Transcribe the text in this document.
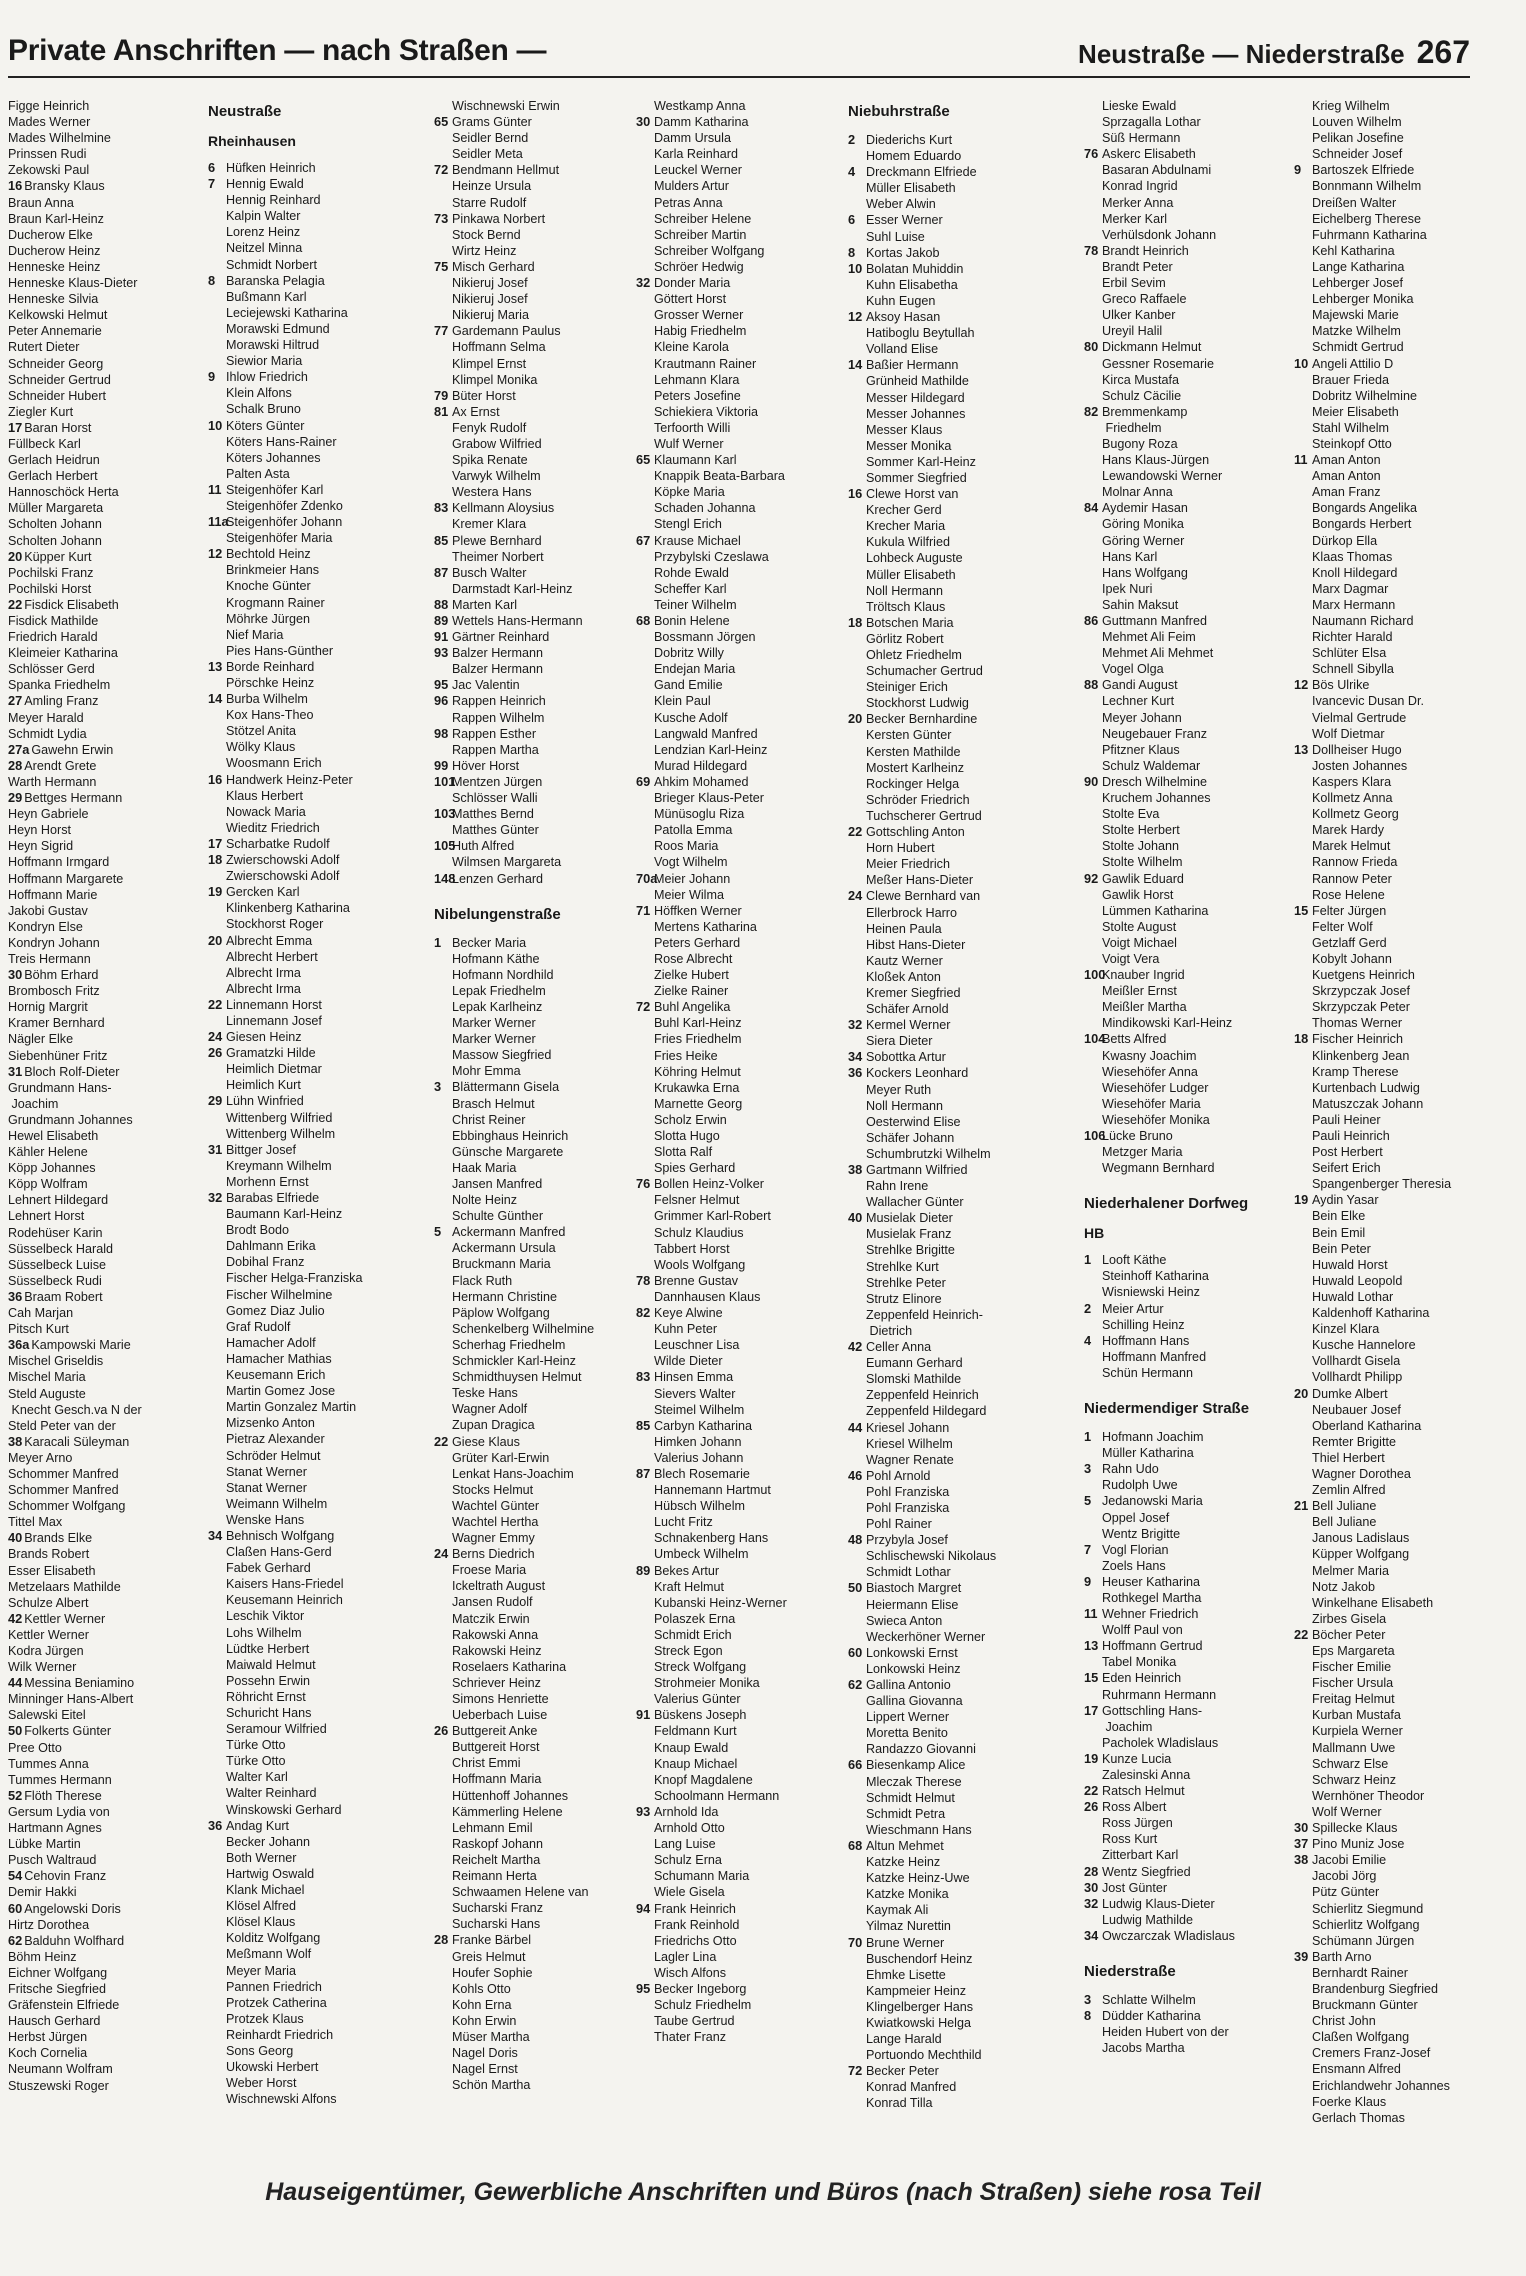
Private Anschriften — nach Straßen —	Neustraße — Niederstraße 267
Figge Heinrich
Mades Werner
Mades Wilhelmine
Prinssen Rudi
Zekowski Paul
16 Bransky Klaus
Braun Anna
Braun Karl-Heinz
Ducherow Elke
Ducherow Heinz
Henneske Heinz
Henneske Klaus-Dieter
Henneske Silvia
Kelkowski Helmut
Peter Annemarie
Rutert Dieter
Schneider Georg
Schneider Gertrud
Schneider Hubert
Ziegler Kurt
17 Baran Horst
Füllbeck Karl
Gerlach Heidrun
Gerlach Herbert
Hannoschöck Herta
Müller Margareta
Scholten Johann
Scholten Johann
20 Küpper Kurt
Pochilski Franz
Pochilski Horst
22 Fisdick Elisabeth
Fisdick Mathilde
Friedrich Harald
Kleimeier Katharina
Schlösser Gerd
Spanka Friedhelm
27 Amling Franz
Meyer Harald
Schmidt Lydia
27a Gawehn Erwin
28 Arendt Grete
Warth Hermann
29 Bettges Hermann
Heyn Gabriele
Heyn Horst
Heyn Sigrid
Hoffmann Irmgard
Hoffmann Margarete
Hoffmann Marie
Jakobi Gustav
Kondryn Else
Kondryn Johann
Treis Hermann
30 Böhm Erhard
Brombosch Fritz
Hornig Margrit
Kramer Bernhard
Nägler Elke
Siebenhüner Fritz
31 Bloch Rolf-Dieter
Grundmann Hans-
Joachim
Grundmann Johannes
Hewel Elisabeth
Kähler Helene
Köpp Johannes
Köpp Wolfram
Lehnert Hildegard
Lehnert Horst
Rodehüser Karin
Süsselbeck Harald
Süsselbeck Luise
Süsselbeck Rudi
36 Braam Robert
Cah Marjan
Pitsch Kurt
36a Kampowski Marie
Mischel Griseldis
Mischel Maria
Steld Auguste
Knecht Gesch.va N der
Steld Peter van der
38 Karacali Süleyman
Meyer Arno
Schommer Manfred
Schommer Manfred
Schommer Wolfgang
Tittel Max
40 Brands Elke
Brands Robert
Esser Elisabeth
Metzelaars Mathilde
Schulze Albert
42 Kettler Werner
Kettler Werner
Kodra Jürgen
Wilk Werner
44 Messina Beniamino
Minninger Hans-Albert
Salewski Eitel
50 Folkerts Günter
Pree Otto
Tummes Anna
Tummes Hermann
52 Flöth Therese
Gersum Lydia von
Hartmann Agnes
Lübke Martin
Pusch Waltraud
54 Cehovin Franz
Demir Hakki
60 Angelowski Doris
Hirtz Dorothea
62 Balduhn Wolfhard
Böhm Heinz
Eichner Wolfgang
Fritsche Siegfried
Gräfenstein Elfriede
Hausch Gerhard
Herbst Jürgen
Koch Cornelia
Neumann Wolfram
Stuszewski Roger
Neustraße
Rheinhausen
6 Hüfken Heinrich
7 Hennig Ewald
Hennig Reinhard
Kalpin Walter
Lorenz Heinz
Neitzel Minna
Schmidt Norbert
8 Baranska Pelagia
Bußmann Karl
Leciejewski Katharina
Morawski Edmund
Morawski Hiltrud
Siewior Maria
9 Ihlow Friedrich
Klein Alfons
Schalk Bruno
10 Köters Günter
Köters Hans-Rainer
Köters Johannes
Palten Asta
11 Steigenhöfer Karl
Steigenhöfer Zdenko
11aSteigenhöfer Johann
Steigenhöfer Maria
12 Bechtold Heinz
Brinkmeier Hans
Knoche Günter
Krogmann Rainer
Möhrke Jürgen
Nief Maria
Pies Hans-Günther
13 Borde Reinhard
Pörschke Heinz
14 Burba Wilhelm
Kox Hans-Theo
Stötzel Anita
Wölky Klaus
Woosmann Erich
16 Handwerk Heinz-Peter
Klaus Herbert
Nowack Maria
Wieditz Friedrich
17 Scharbatke Rudolf
18 Zwierschowski Adolf
Zwierschowski Adolf
19 Gercken Karl
Klinkenberg Katharina
Stockhorst Roger
20 Albrecht Emma
Albrecht Herbert
Albrecht Irma
Albrecht Irma
22 Linnemann Horst
Linnemann Josef
24 Giesen Heinz
26 Gramatzki Hilde
Heimlich Dietmar
Heimlich Kurt
29 Lühn Winfried
Wittenberg Wilfried
Wittenberg Wilhelm
31 Bittger Josef
Kreymann Wilhelm
Morhenn Ernst
32 Barabas Elfriede
Baumann Karl-Heinz
Brodt Bodo
Dahlmann Erika
Dobihal Franz
Fischer Helga-Franziska
Fischer Wilhelmine
Gomez Diaz Julio
Graf Rudolf
Hamacher Adolf
Hamacher Mathias
Keusemann Erich
Martin Gomez Jose
Martin Gonzalez Martin
Mizsenko Anton
Pietraz Alexander
Schröder Helmut
Stanat Werner
Stanat Werner
Weimann Wilhelm
Wenske Hans
34 Behnisch Wolfgang
Claßen Hans-Gerd
Fabek Gerhard
Kaisers Hans-Friedel
Keusemann Heinrich
Leschik Viktor
Lohs Wilhelm
Lüdtke Herbert
Maiwald Helmut
Possehn Erwin
Röhricht Ernst
Schuricht Hans
Seramour Wilfried
Türke Otto
Türke Otto
Walter Karl
Walter Reinhard
Winskowski Gerhard
36 Andag Kurt
Becker Johann
Both Werner
Hartwig Oswald
Klank Michael
Klösel Alfred
Klösel Klaus
Kolditz Wolfgang
Meßmann Wolf
Meyer Maria
Pannen Friedrich
Protzek Catherina
Protzek Klaus
Reinhardt Friedrich
Sons Georg
Ukowski Herbert
Weber Horst
Wischnewski Alfons
Wischnewski Erwin
65 Grams Günter
Seidler Bernd
Seidler Meta
72 Bendmann Hellmut
Heinze Ursula
Starre Rudolf
73 Pinkawa Norbert
Stock Bernd
Wirtz Heinz
75 Misch Gerhard
Nikieruj Josef
Nikieruj Josef
Nikieruj Maria
77 Gardemann Paulus
Hoffmann Selma
Klimpel Ernst
Klimpel Monika
79 Büter Horst
81 Ax Ernst
Fenyk Rudolf
Grabow Wilfried
Spika Renate
Varwyk Wilhelm
Westera Hans
83 Kellmann Aloysius
Kremer Klara
85 Plewe Bernhard
Theimer Norbert
87 Busch Walter
Darmstadt Karl-Heinz
88 Marten Karl
89 Wettels Hans-Hermann
91 Gärtner Reinhard
93 Balzer Hermann
Balzer Hermann
95 Jac Valentin
96 Rappen Heinrich
Rappen Wilhelm
98 Rappen Esther
Rappen Martha
99 Höver Horst
101Mentzen Jürgen
Schlösser Walli
103Matthes Bernd
Matthes Günter
105Huth Alfred
Wilmsen Margareta
148Lenzen Gerhard
Nibelungenstraße
1 Becker Maria
Hofmann Käthe
Hofmann Nordhild
Lepak Friedhelm
Lepak Karlheinz
Marker Werner
Marker Werner
Massow Siegfried
Mohr Emma
3 Blättermann Gisela
Brasch Helmut
Christ Reiner
Ebbinghaus Heinrich
Günsche Margarete
Haak Maria
Jansen Manfred
Nolte Heinz
Schulte Günther
5 Ackermann Manfred
Ackermann Ursula
Bruckmann Maria
Flack Ruth
Hermann Christine
Päplow Wolfgang
Schenkelberg Wilhelmine
Scherhag Friedhelm
Schmickler Karl-Heinz
Schmidthuysen Helmut
Teske Hans
Wagner Adolf
Zupan Dragica
22 Giese Klaus
Grüter Karl-Erwin
Lenkat Hans-Joachim
Stocks Helmut
Wachtel Günter
Wachtel Hertha
Wagner Emmy
24 Berns Diedrich
Froese Maria
Ickeltrath August
Jansen Rudolf
Matczik Erwin
Rakowski Anna
Rakowski Heinz
Roselaers Katharina
Schriever Heinz
Simons Henriette
Ueberbach Luise
26 Buttgereit Anke
Buttgereit Horst
Christ Emmi
Hoffmann Maria
Hüttenhoff Johannes
Kämmerling Helene
Lehmann Emil
Raskopf Johann
Reichelt Martha
Reimann Herta
Schwaamen Helene van
Sucharski Franz
Sucharski Hans
28 Franke Bärbel
Greis Helmut
Houfer Sophie
Kohls Otto
Kohn Erna
Kohn Erwin
Müser Martha
Nagel Doris
Nagel Ernst
Schön Martha
Westkamp Anna
30 Damm Katharina
Damm Ursula
Karla Reinhard
Leuckel Werner
Mulders Artur
Petras Anna
Schreiber Helene
Schreiber Martin
Schreiber Wolfgang
Schröer Hedwig
32 Donder Maria
Göttert Horst
Grosser Werner
Habig Friedhelm
Kleine Karola
Krautmann Rainer
Lehmann Klara
Peters Josefine
Schiekiera Viktoria
Terfoorth Willi
Wulf Werner
65 Klaumann Karl
Knappik Beata-Barbara
Köpke Maria
Schaden Johanna
Stengl Erich
67 Krause Michael
Przybylski Czeslawa
Rohde Ewald
Scheffer Karl
Teiner Wilhelm
68 Bonin Helene
Bossmann Jörgen
Dobritz Willy
Endejan Maria
Gand Emilie
Klein Paul
Kusche Adolf
Langwald Manfred
Lendzian Karl-Heinz
Murad Hildegard
69 Ahkim Mohamed
Brieger Klaus-Peter
Münüsoglu Riza
Patolla Emma
Roos Maria
Vogt Wilhelm
70aMeier Johann
Meier Wilma
71 Höffken Werner
Mertens Katharina
Peters Gerhard
Rose Albrecht
Zielke Hubert
Zielke Rainer
72 Buhl Angelika
Buhl Karl-Heinz
Fries Friedhelm
Fries Heike
Köhring Helmut
Krukawka Erna
Marnette Georg
Scholz Erwin
Slotta Hugo
Slotta Ralf
Spies Gerhard
76 Bollen Heinz-Volker
Felsner Helmut
Grimmer Karl-Robert
Schulz Klaudius
Tabbert Horst
Wools Wolfgang
78 Brenne Gustav
Dannhausen Klaus
82 Keye Alwine
Kuhn Peter
Leuschner Lisa
Wilde Dieter
83 Hinsen Emma
Sievers Walter
Steimel Wilhelm
85 Carbyn Katharina
Himken Johann
Valerius Johann
87 Blech Rosemarie
Hannemann Hartmut
Hübsch Wilhelm
Lucht Fritz
Schnakenberg Hans
Umbeck Wilhelm
89 Bekes Artur
Kraft Helmut
Kubanski Heinz-Werner
Polaszek Erna
Schmidt Erich
Streck Egon
Streck Wolfgang
Strohmeier Monika
Valerius Günter
91 Büskens Joseph
Feldmann Kurt
Knaup Ewald
Knaup Michael
Knopf Magdalene
Schoolmann Hermann
93 Arnhold Ida
Arnhold Otto
Lang Luise
Schulz Erna
Schumann Maria
Wiele Gisela
94 Frank Heinrich
Frank Reinhold
Friedrichs Otto
Lagler Lina
Wisch Alfons
95 Becker Ingeborg
Schulz Friedhelm
Taube Gertrud
Thater Franz
Niebuhrstraße
2 Diederichs Kurt
Homem Eduardo
4 Dreckmann Elfriede
Müller Elisabeth
Weber Alwin
6 Esser Werner
Suhl Luise
8 Kortas Jakob
10 Bolatan Muhiddin
Kuhn Elisabetha
Kuhn Eugen
12 Aksoy Hasan
Hatiboglu Beytullah
Volland Elise
14 Baßier Hermann
Grünheid Mathilde
Messer Hildegard
Messer Johannes
Messer Klaus
Messer Monika
Sommer Karl-Heinz
Sommer Siegfried
16 Clewe Horst van
Krecher Gerd
Krecher Maria
Kukula Wilfried
Lohbeck Auguste
Müller Elisabeth
Noll Hermann
Tröltsch Klaus
18 Botschen Maria
Görlitz Robert
Ohletz Friedhelm
Schumacher Gertrud
Steiniger Erich
Stockhorst Ludwig
20 Becker Bernhardine
Kersten Günter
Kersten Mathilde
Mostert Karlheinz
Rockinger Helga
Schröder Friedrich
Tuchscherer Gertrud
22 Gottschling Anton
Horn Hubert
Meier Friedrich
Meßer Hans-Dieter
24 Clewe Bernhard van
Ellerbrock Harro
Heinen Paula
Hibst Hans-Dieter
Kautz Werner
Kloßek Anton
Kremer Siegfried
Schäfer Arnold
32 Kermel Werner
Siera Dieter
34 Sobottka Artur
36 Kockers Leonhard
Meyer Ruth
Noll Hermann
Oesterwind Elise
Schäfer Johann
Schumbrutzki Wilhelm
38 Gartmann Wilfried
Rahn Irene
Wallacher Günter
40 Musielak Dieter
Musielak Franz
Strehlke Brigitte
Strehlke Kurt
Strehlke Peter
Strutz Elinore
Zeppenfeld Heinrich-
Dietrich
42 Celler Anna
Eumann Gerhard
Slomski Mathilde
Zeppenfeld Heinrich
Zeppenfeld Hildegard
44 Kriesel Johann
Kriesel Wilhelm
Wagner Renate
46 Pohl Arnold
Pohl Franziska
Pohl Franziska
Pohl Rainer
48 Przybyla Josef
Schlischewski Nikolaus
Schmidt Lothar
50 Biastoch Margret
Heiermann Elise
Swieca Anton
Weckerhöner Werner
60 Lonkowski Ernst
Lonkowski Heinz
62 Gallina Antonio
Gallina Giovanna
Lippert Werner
Moretta Benito
Randazzo Giovanni
66 Biesenkamp Alice
Mleczak Therese
Schmidt Helmut
Schmidt Petra
Wieschmann Hans
68 Altun Mehmet
Katzke Heinz
Katzke Heinz-Uwe
Katzke Monika
Kaymak Ali
Yilmaz Nurettin
70 Brune Werner
Buschendorf Heinz
Ehmke Lisette
Kampmeier Heinz
Klingelberger Hans
Kwiatkowski Helga
Lange Harald
Portuondo Mechthild
72 Becker Peter
Konrad Manfred
Konrad Tilla
Lieske Ewald
Sprzagalla Lothar
Süß Hermann
76 Askerc Elisabeth
Basaran Abdulnami
Konrad Ingrid
Merker Anna
Merker Karl
Verhülsdonk Johann
78 Brandt Heinrich
Brandt Peter
Erbil Sevim
Greco Raffaele
Ulker Kanber
Ureyil Halil
80 Dickmann Helmut
Gessner Rosemarie
Kirca Mustafa
Schulz Cäcilie
82 Bremmenkamp
Friedhelm
Bugony Roza
Hans Klaus-Jürgen
Lewandowski Werner
Molnar Anna
84 Aydemir Hasan
Göring Monika
Göring Werner
Hans Karl
Hans Wolfgang
Ipek Nuri
Sahin Maksut
86 Guttmann Manfred
Mehmet Ali Feim
Mehmet Ali Mehmet
Vogel Olga
88 Gandi August
Lechner Kurt
Meyer Johann
Neugebauer Franz
Pfitzner Klaus
Schulz Waldemar
90 Dresch Wilhelmine
Kruchem Johannes
Stolte Eva
Stolte Herbert
Stolte Johann
Stolte Wilhelm
92 Gawlik Eduard
Gawlik Horst
Lümmen Katharina
Stolte August
Voigt Michael
Voigt Vera
100Knauber Ingrid
Meißler Ernst
Meißler Martha
Mindikowski Karl-Heinz
104Betts Alfred
Kwasny Joachim
Wiesehöfer Anna
Wiesehöfer Ludger
Wiesehöfer Maria
Wiesehöfer Monika
106Lücke Bruno
Metzger Maria
Wegmann Bernhard
Niederhalener Dorfweg
HB
1 Looft Käthe
Steinhoff Katharina
Wisniewski Heinz
2 Meier Artur
Schilling Heinz
4 Hoffmann Hans
Hoffmann Manfred
Schün Hermann
Niedermendiger Straße
1 Hofmann Joachim
Müller Katharina
3 Rahn Udo
Rudolph Uwe
5 Jedanowski Maria
Oppel Josef
Wentz Brigitte
7 Vogl Florian
Zoels Hans
9 Heuser Katharina
Rothkegel Martha
11 Wehner Friedrich
Wolff Paul von
13 Hoffmann Gertrud
Tabel Monika
15 Eden Heinrich
Ruhrmann Hermann
17 Gottschling Hans-
Joachim
Pacholek Wladislaus
19 Kunze Lucia
Zalesinski Anna
22 Ratsch Helmut
26 Ross Albert
Ross Jürgen
Ross Kurt
Zitterbart Karl
28 Wentz Siegfried
30 Jost Günter
32 Ludwig Klaus-Dieter
Ludwig Mathilde
34 Owczarczak Wladislaus
Niederstraße
3 Schlatte Wilhelm
8 Düdder Katharina
Heiden Hubert von der
Jacobs Martha
Krieg Wilhelm
Louven Wilhelm
Pelikan Josefine
Schneider Josef
9 Bartoszek Elfriede
Bonnmann Wilhelm
Dreißen Walter
Eichelberg Therese
Fuhrmann Katharina
Kehl Katharina
Lange Katharina
Lehberger Josef
Lehberger Monika
Majewski Marie
Matzke Wilhelm
Schmidt Gertrud
10 Angeli Attilio D
Brauer Frieda
Dobritz Wilhelmine
Meier Elisabeth
Stahl Wilhelm
Steinkopf Otto
11 Aman Anton
Aman Anton
Aman Franz
Bongards Angelika
Bongards Herbert
Dürkop Ella
Klaas Thomas
Knoll Hildegard
Marx Dagmar
Marx Hermann
Naumann Richard
Richter Harald
Schlüter Elsa
Schnell Sibylla
12 Bös Ulrike
Ivancevic Dusan Dr.
Vielmal Gertrude
Wolf Dietmar
13 Dollheiser Hugo
Josten Johannes
Kaspers Klara
Kollmetz Anna
Kollmetz Georg
Marek Hardy
Marek Helmut
Rannow Frieda
Rannow Peter
Rose Helene
15 Felter Jürgen
Felter Wolf
Getzlaff Gerd
Kobylt Johann
Kuetgens Heinrich
Skrzypczak Josef
Skrzypczak Peter
Thomas Werner
18 Fischer Heinrich
Klinkenberg Jean
Kramp Therese
Kurtenbach Ludwig
Matuszczak Johann
Pauli Heiner
Pauli Heinrich
Post Herbert
Seifert Erich
Spangenberger Theresia
19 Aydin Yasar
Bein Elke
Bein Emil
Bein Peter
Huwald Horst
Huwald Leopold
Huwald Lothar
Kaldenhoff Katharina
Kinzel Klara
Kusche Hannelore
Vollhardt Gisela
Vollhardt Philipp
20 Dumke Albert
Neubauer Josef
Oberland Katharina
Remter Brigitte
Thiel Herbert
Wagner Dorothea
Zemlin Alfred
21 Bell Juliane
Bell Juliane
Janous Ladislaus
Küpper Wolfgang
Melmer Maria
Notz Jakob
Winkelhane Elisabeth
Zirbes Gisela
22 Böcher Peter
Eps Margareta
Fischer Emilie
Fischer Ursula
Freitag Helmut
Kurban Mustafa
Kurpiela Werner
Mallmann Uwe
Schwarz Else
Schwarz Heinz
Wernhöner Theodor
Wolf Werner
30 Spillecke Klaus
37 Pino Muniz Jose
38 Jacobi Emilie
Jacobi Jörg
Pütz Günter
Schierlitz Siegmund
Schierlitz Wolfgang
Schümann Jürgen
39 Barth Arno
Bernhardt Rainer
Brandenburg Siegfried
Bruckmann Günter
Christ John
Claßen Wolfgang
Cremers Franz-Josef
Ensmann Alfred
Erichlandwehr Johannes
Foerke Klaus
Gerlach Thomas
Hauseigentümer, Gewerbliche Anschriften und Büros (nach Straßen) siehe rosa Teil
